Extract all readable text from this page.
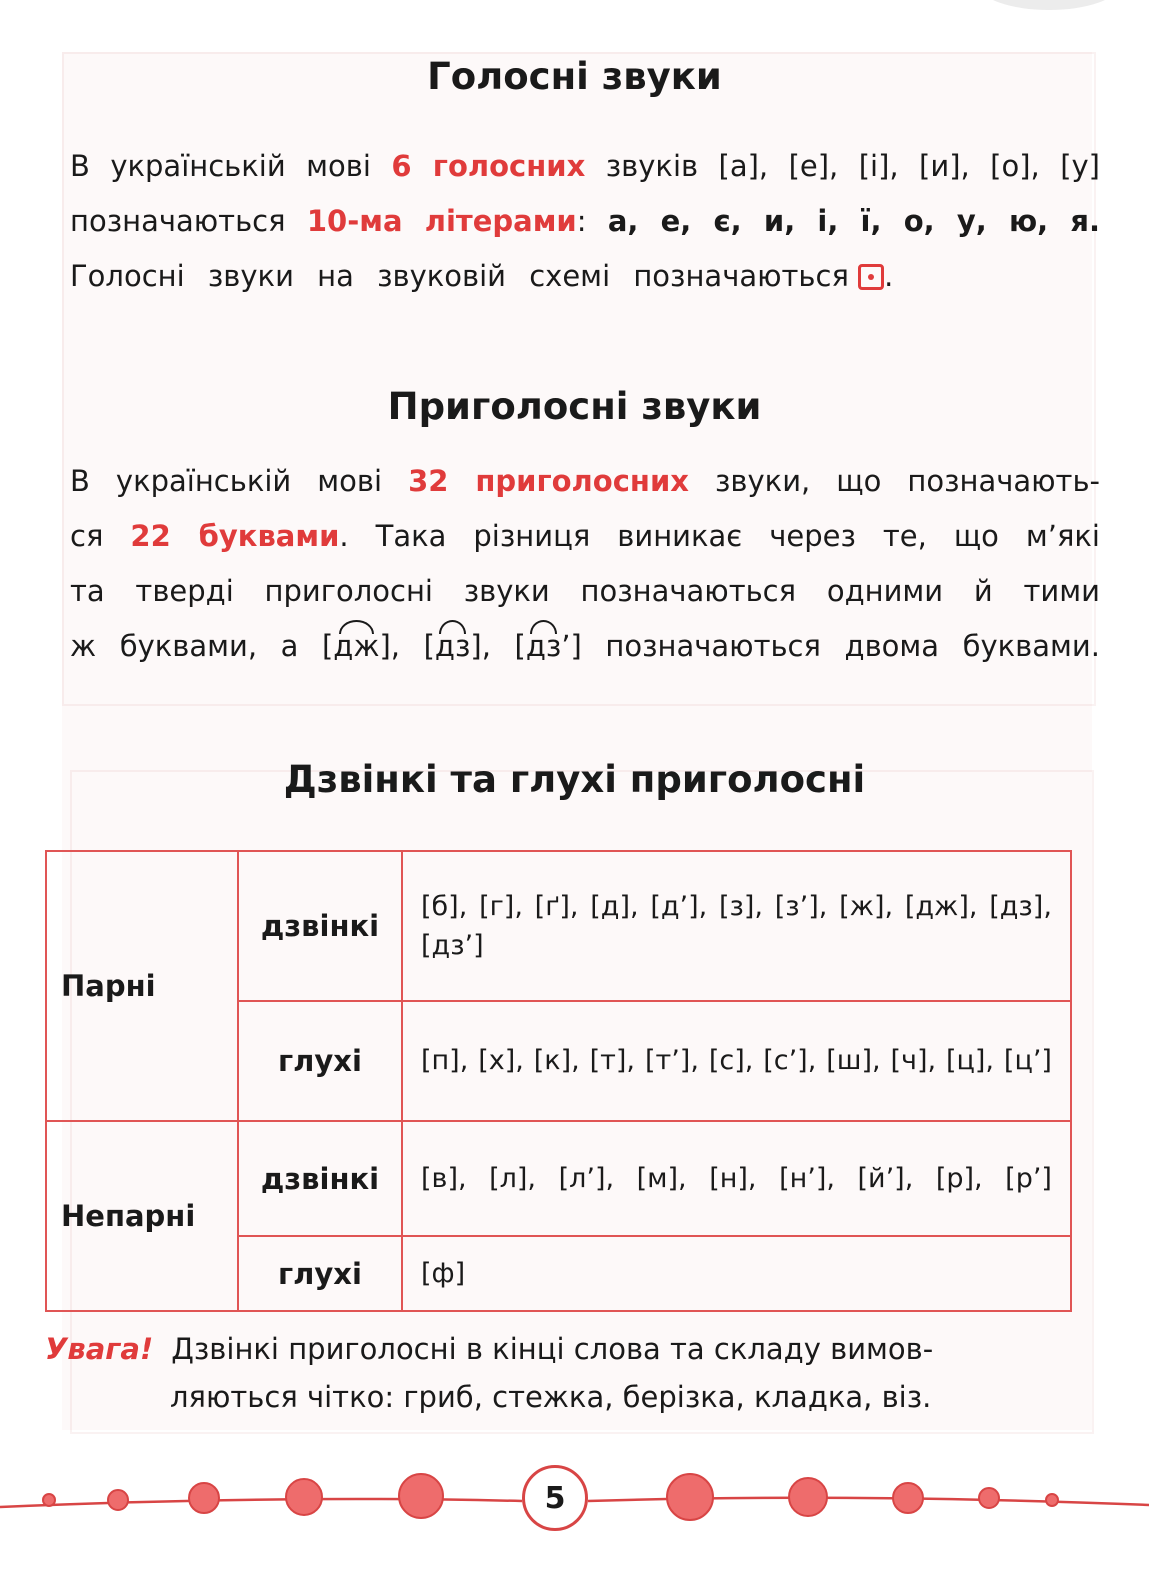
Голосні звуки
В українській мові 6 голосних звуків [а], [е], [і], [и], [о], [у]
позначаються 10-ма літерами: а, е, є, и, і, ї, о, у, ю, я.
Голосні звуки на звуковій схемі позначаються .
Приголосні звуки
В українській мові 32 приголосних звуки, що позначають-
ся 22 буквами. Така різниця виникає через те, що м’які
та тверді приголосні звуки позначаються одними й тими
ж буквами, а [дж], [дз], [дз’] позначаються двома буквами.
Дзвінкі та глухі приголосні
Парні	дзвінкі	[б], [г], [ґ], [д], [д’], [з], [з’], [ж], [дж], [дз], [дз’]
	глухі	[п], [х], [к], [т], [т’], [с], [с’], [ш], [ч], [ц], [ц’]
Непарні	дзвінкі	[в], [л], [л’], [м], [н], [н’], [й’], [р], [р’]
	глухі	[ф]
Увага! Дзвінкі приголосні в кінці слова та складу вимов-
ляються чітко: гриб, стежка, берізка, кладка, віз.
5
